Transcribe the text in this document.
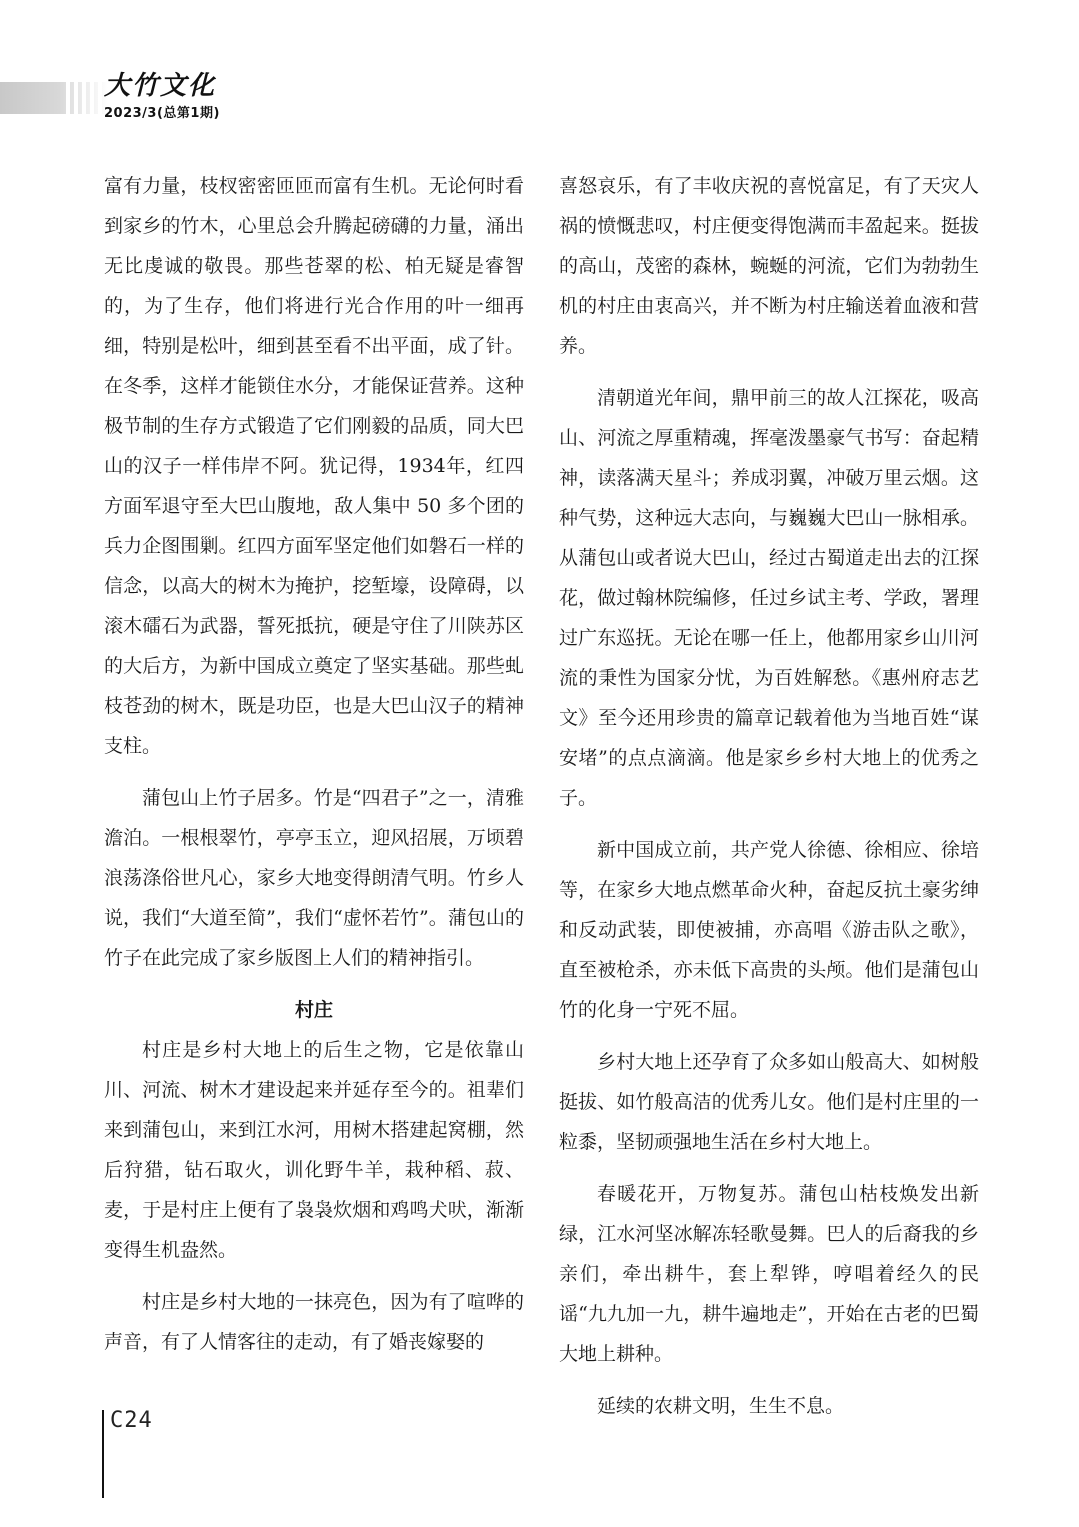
大竹文化
2023/3(总第1期)

富有力量，枝杈密密匝匝而富有生机。无论何时看到家乡的竹木，心里总会升腾起磅礴的力量，涌出无比虔诚的敬畏。那些苍翠的松、柏无疑是睿智的，为了生存，他们将进行光合作用的叶一细再细，特别是松叶，细到甚至看不出平面，成了针。在冬季，这样才能锁住水分，才能保证营养。这种极节制的生存方式锻造了它们刚毅的品质，同大巴山的汉子一样伟岸不阿。犹记得，1934年，红四方面军退守至大巴山腹地，敌人集中 50 多个团的兵力企图围剿。红四方面军坚定他们如磐石一样的信念，以高大的树木为掩护，挖堑壕，设障碍，以滚木礌石为武器，誓死抵抗，硬是守住了川陕苏区的大后方，为新中国成立奠定了坚实基础。那些虬枝苍劲的树木，既是功臣，也是大巴山汉子的精神支柱。

蒲包山上竹子居多。竹是“四君子”之一，清雅澹泊。一根根翠竹，亭亭玉立，迎风招展，万顷碧浪荡涤俗世凡心，家乡大地变得朗清气明。竹乡人说，我们“大道至简”，我们“虚怀若竹”。蒲包山的竹子在此完成了家乡版图上人们的精神指引。

村庄

村庄是乡村大地上的后生之物，它是依靠山川、河流、树木才建设起来并延存至今的。祖辈们来到蒲包山，来到江水河，用树木搭建起窝棚，然后狩猎，钻石取火，训化野牛羊，栽种稻、菽、麦，于是村庄上便有了袅袅炊烟和鸡鸣犬吠，渐渐变得生机盎然。

村庄是乡村大地的一抹亮色，因为有了喧哗的声音，有了人情客往的走动，有了婚丧嫁娶的

喜怒哀乐，有了丰收庆祝的喜悦富足，有了天灾人祸的愤慨悲叹，村庄便变得饱满而丰盈起来。挺拔的高山，茂密的森林，蜿蜒的河流，它们为勃勃生机的村庄由衷高兴，并不断为村庄输送着血液和营养。

清朝道光年间，鼎甲前三的故人江探花，吸高山、河流之厚重精魂，挥毫泼墨豪气书写：奋起精神，读落满天星斗；养成羽翼，冲破万里云烟。这种气势，这种远大志向，与巍巍大巴山一脉相承。从蒲包山或者说大巴山，经过古蜀道走出去的江探花，做过翰林院编修，任过乡试主考、学政，署理过广东巡抚。无论在哪一任上，他都用家乡山川河流的秉性为国家分忧，为百姓解愁。《惠州府志艺文》至今还用珍贵的篇章记载着他为当地百姓“谋安堵”的点点滴滴。他是家乡乡村大地上的优秀之子。

新中国成立前，共产党人徐德、徐相应、徐培等，在家乡大地点燃革命火种，奋起反抗土豪劣绅和反动武装，即使被捕，亦高唱《游击队之歌》，直至被枪杀，亦未低下高贵的头颅。他们是蒲包山竹的化身一宁死不屈。

乡村大地上还孕育了众多如山般高大、如树般挺拔、如竹般高洁的优秀儿女。他们是村庄里的一粒黍，坚韧顽强地生活在乡村大地上。

春暖花开，万物复苏。蒲包山枯枝焕发出新绿，江水河坚冰解冻轻歌曼舞。巴人的后裔我的乡亲们，牵出耕牛，套上犁铧，哼唱着经久的民谣“九九加一九，耕牛遍地走”，开始在古老的巴蜀大地上耕种。

延续的农耕文明，生生不息。

C24
